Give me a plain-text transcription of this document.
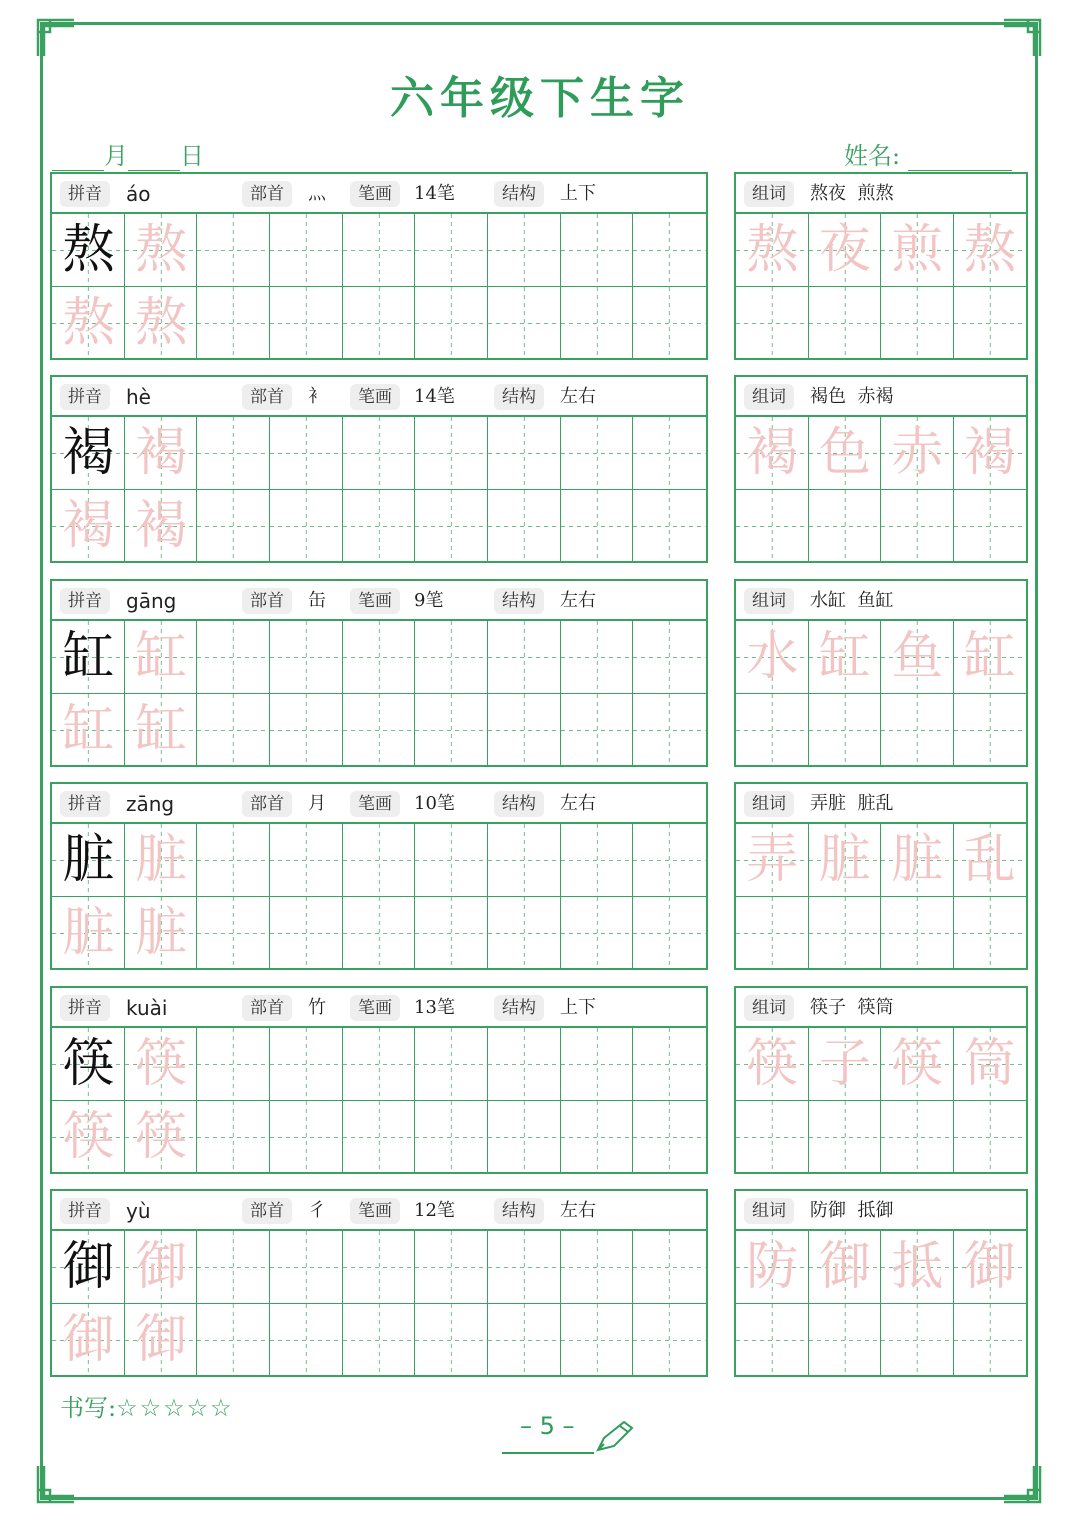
六年级下生字
月 日	姓名:
拼音	áo	部首	灬	笔画	14笔	结构	上下
熬 熬
熬 熬
组词	熬夜  煎熬
熬 夜 煎 熬
拼音	hè	部首	衤	笔画	14笔	结构	左右
褐 褐
褐 褐
组词	褐色  赤褐
褐 色 赤 褐
拼音	gāng	部首	缶	笔画	9笔	结构	左右
缸 缸
缸 缸
组词	水缸  鱼缸
水 缸 鱼 缸
拼音	zāng	部首	月	笔画	10笔	结构	左右
脏 脏
脏 脏
组词	弄脏  脏乱
弄 脏 脏 乱
拼音	kuài	部首	竹	笔画	13笔	结构	上下
筷 筷
筷 筷
组词	筷子  筷筒
筷 子 筷 筒
拼音	yù	部首	彳	笔画	12笔	结构	左右
御 御
御 御
组词	防御  抵御
防 御 抵 御
书写:☆☆☆☆☆
– 5 –
